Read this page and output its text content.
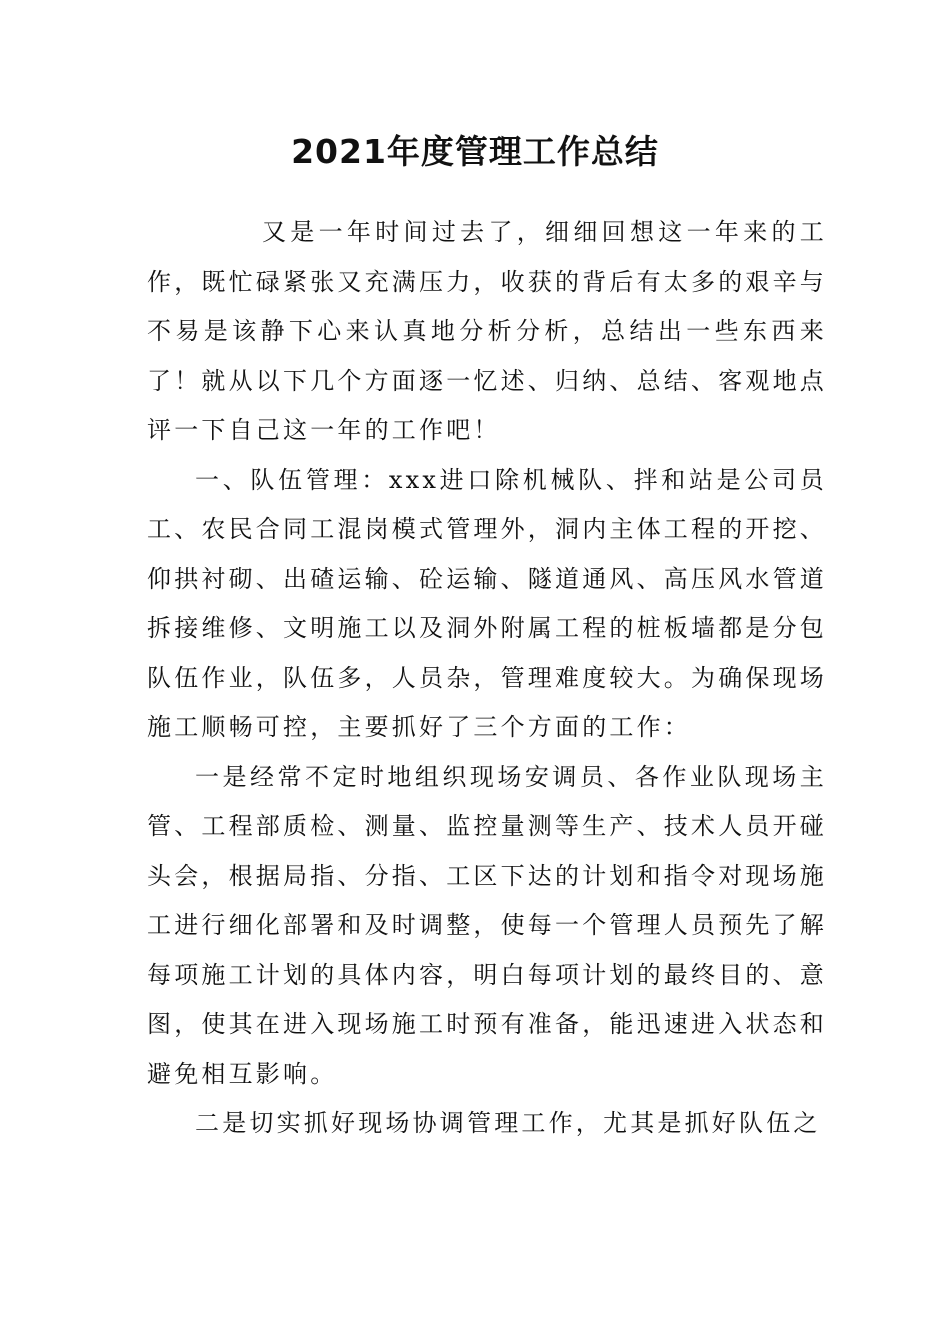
2021年度管理工作总结

又是一年时间过去了，细细回想这一年来的工作，既忙碌紧张又充满压力，收获的背后有太多的艰辛与不易是该静下心来认真地分析分析，总结出一些东西来了！就从以下几个方面逐一忆述、归纳、总结、客观地点评一下自己这一年的工作吧！

一、队伍管理：xxx进口除机械队、拌和站是公司员工、农民合同工混岗模式管理外，洞内主体工程的开挖、仰拱衬砌、出碴运输、砼运输、隧道通风、高压风水管道拆接维修、文明施工以及洞外附属工程的桩板墙都是分包队伍作业，队伍多，人员杂，管理难度较大。为确保现场施工顺畅可控，主要抓好了三个方面的工作：

一是经常不定时地组织现场安调员、各作业队现场主管、工程部质检、测量、监控量测等生产、技术人员开碰头会，根据局指、分指、工区下达的计划和指令对现场施工进行细化部署和及时调整，使每一个管理人员预先了解每项施工计划的具体内容，明白每项计划的最终目的、意图，使其在进入现场施工时预有准备，能迅速进入状态和避免相互影响。

二是切实抓好现场协调管理工作，尤其是抓好队伍之
